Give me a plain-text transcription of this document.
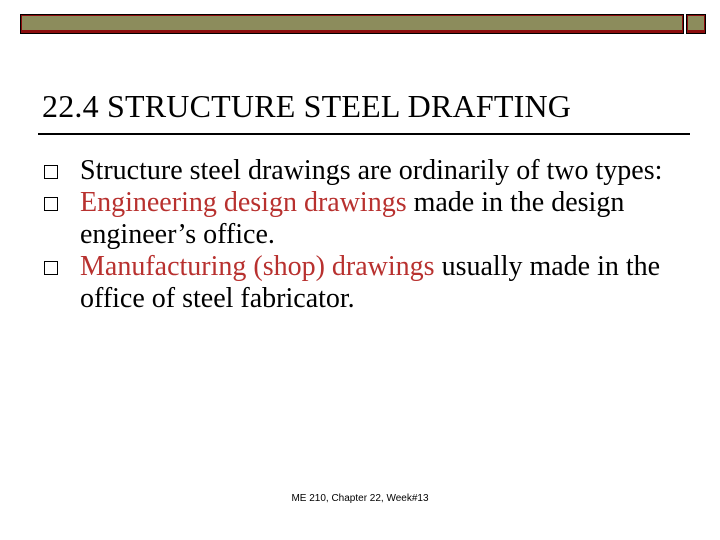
22.4 STRUCTURE STEEL DRAFTING
Structure steel drawings are ordinarily of two types:
Engineering design drawings made in the design engineer’s office.
Manufacturing (shop) drawings usually made in the office of steel fabricator.
ME 210, Chapter 22, Week#13
